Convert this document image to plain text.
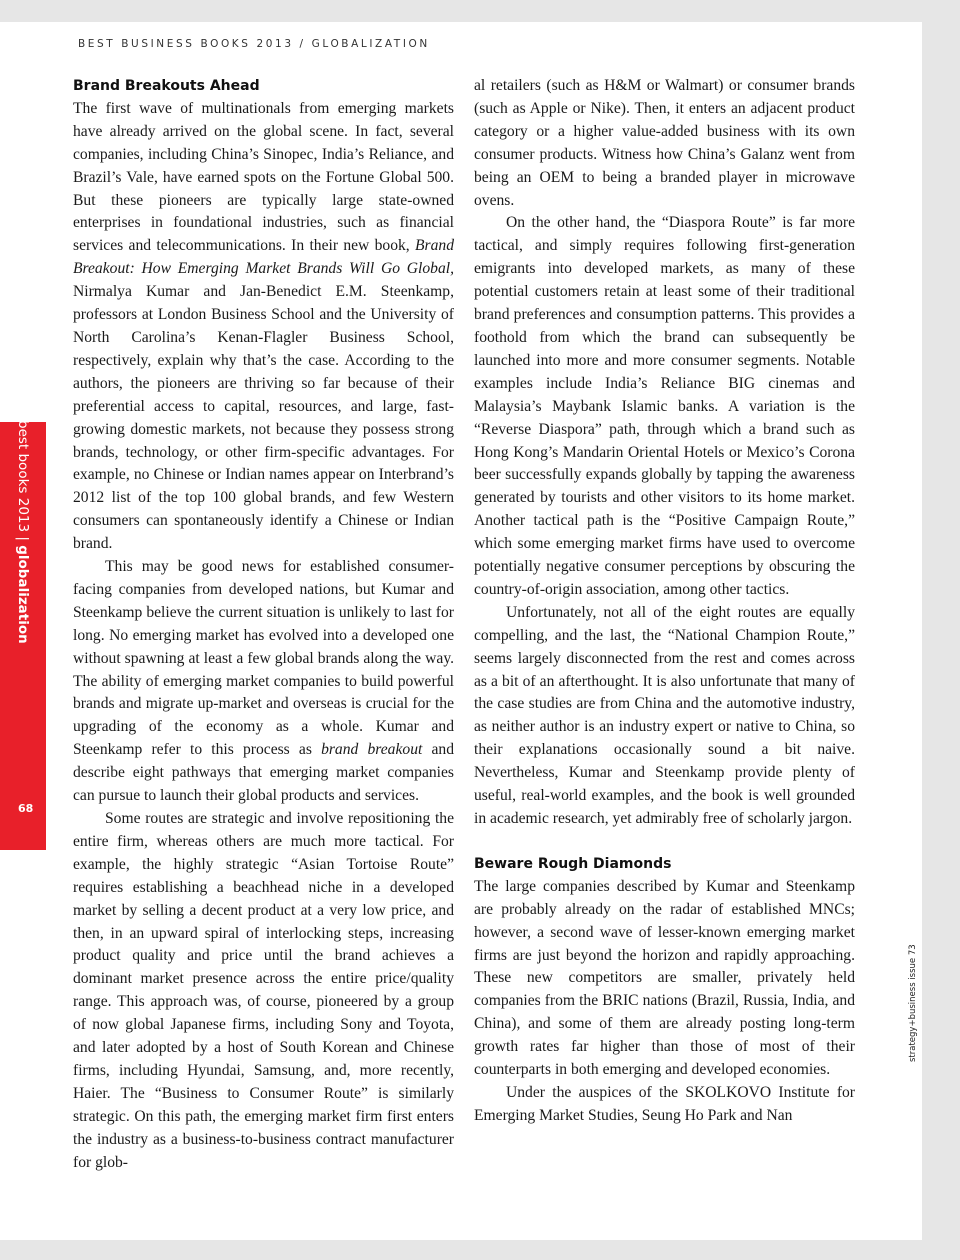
BEST BUSINESS BOOKS 2013 / GLOBALIZATION
best books 2013 | globalization
68
strategy+business issue 73
Brand Breakouts Ahead

The first wave of multinationals from emerging markets have already arrived on the global scene. In fact, several companies, including China’s Sinopec, India’s Reliance, and Brazil’s Vale, have earned spots on the Fortune Global 500. But these pioneers are typically large state-owned enterprises in foundational industries, such as financial services and telecommunications. In their new book, Brand Breakout: How Emerging Market Brands Will Go Global, Nirmalya Kumar and Jan-Benedict E.M. Steenkamp, professors at London Business School and the University of North Carolina’s Kenan-Flagler Business School, respectively, explain why that’s the case. According to the authors, the pioneers are thriving so far because of their preferential access to capital, resources, and large, fast-growing domestic markets, not because they possess strong brands, technology, or other firm-specific advantages. For example, no Chinese or Indian names appear on Interbrand’s 2012 list of the top 100 global brands, and few Western consumers can spontaneously identify a Chinese or Indian brand.

This may be good news for established consumer-facing companies from developed nations, but Kumar and Steenkamp believe the current situation is unlikely to last for long. No emerging market has evolved into a developed one without spawning at least a few global brands along the way. The ability of emerging market companies to build powerful brands and migrate up-market and overseas is crucial for the upgrading of the economy as a whole. Kumar and Steenkamp refer to this process as brand breakout and describe eight pathways that emerging market companies can pursue to launch their global products and services.

Some routes are strategic and involve repositioning the entire firm, whereas others are much more tactical. For example, the highly strategic “Asian Tortoise Route” requires establishing a beachhead niche in a developed market by selling a decent product at a very low price, and then, in an upward spiral of interlocking steps, increasing product quality and price until the brand achieves a dominant market presence across the entire price/quality range. This approach was, of course, pioneered by a group of now global Japanese firms, including Sony and Toyota, and later adopted by a host of South Korean and Chinese firms, including Hyundai, Samsung, and, more recently, Haier. The “Business to Consumer Route” is similarly strategic. On this path, the emerging market firm first enters the industry as a business-to-business contract manufacturer for glob-

al retailers (such as H&M or Walmart) or consumer brands (such as Apple or Nike). Then, it enters an adjacent product category or a higher value-added business with its own consumer products. Witness how China’s Galanz went from being an OEM to being a branded player in microwave ovens.

On the other hand, the “Diaspora Route” is far more tactical, and simply requires following first-generation emigrants into developed markets, as many of these potential customers retain at least some of their traditional brand preferences and consumption patterns. This provides a foothold from which the brand can subsequently be launched into more and more consumer segments. Notable examples include India’s Reliance BIG cinemas and Malaysia’s Maybank Islamic banks. A variation is the “Reverse Diaspora” path, through which a brand such as Hong Kong’s Mandarin Oriental Hotels or Mexico’s Corona beer successfully expands globally by tapping the awareness generated by tourists and other visitors to its home market. Another tactical path is the “Positive Campaign Route,” which some emerging market firms have used to overcome potentially negative consumer perceptions by obscuring the country-of-origin association, among other tactics.

Unfortunately, not all of the eight routes are equally compelling, and the last, the “National Champion Route,” seems largely disconnected from the rest and comes across as a bit of an afterthought. It is also unfortunate that many of the case studies are from China and the automotive industry, as neither author is an industry expert or native to China, so their explanations occasionally sound a bit naive. Nevertheless, Kumar and Steenkamp provide plenty of useful, real-world examples, and the book is well grounded in academic research, yet admirably free of scholarly jargon.

Beware Rough Diamonds

The large companies described by Kumar and Steenkamp are probably already on the radar of established MNCs; however, a second wave of lesser-known emerging market firms are just beyond the horizon and rapidly approaching. These new competitors are smaller, privately held companies from the BRIC nations (Brazil, Russia, India, and China), and some of them are already posting long-term growth rates far higher than those of most of their counterparts in both emerging and developed economies.

Under the auspices of the SKOLKOVO Institute for Emerging Market Studies, Seung Ho Park and Nan
